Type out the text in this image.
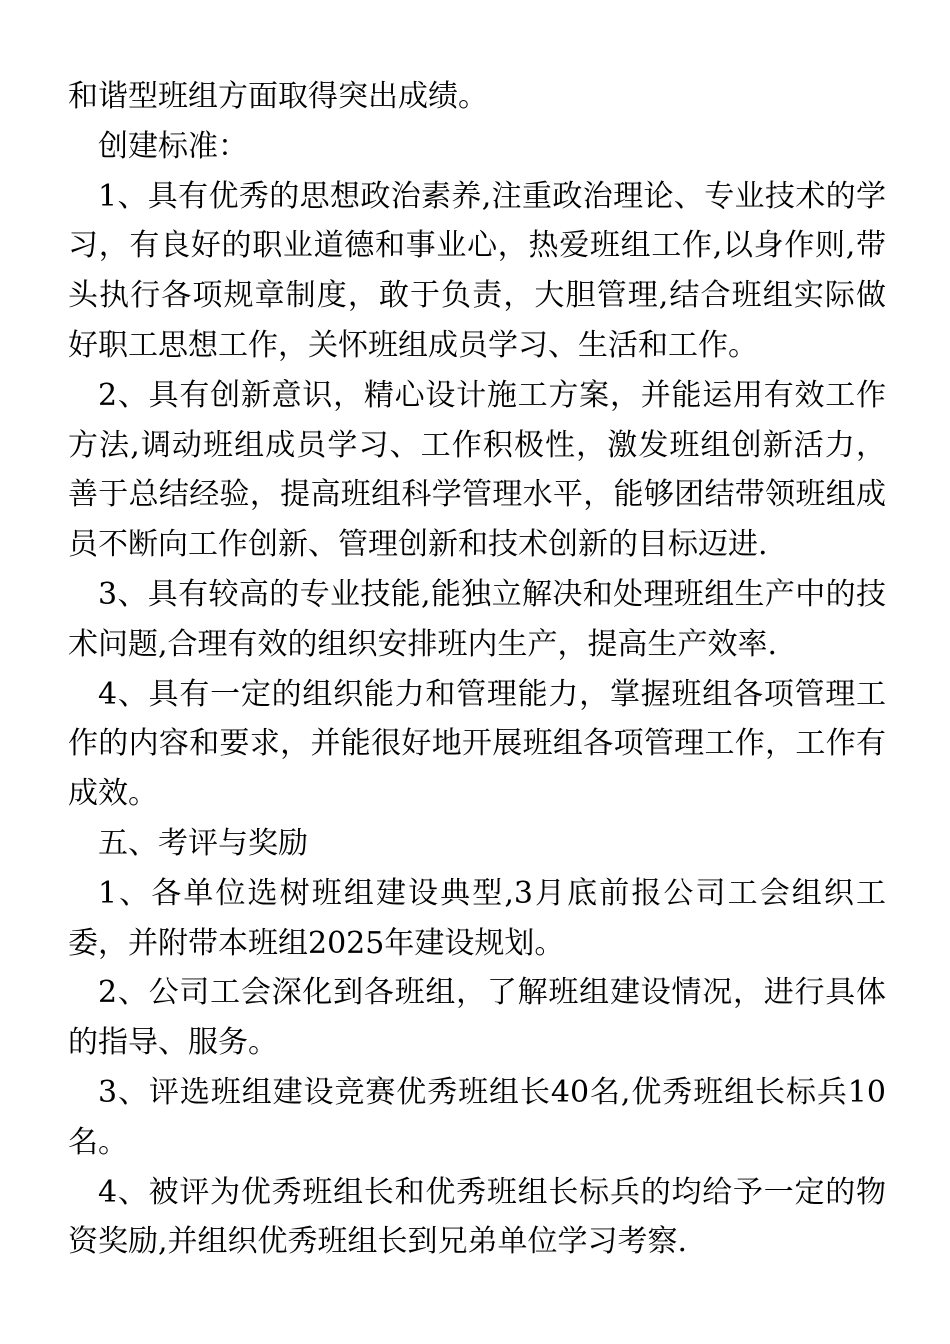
和谐型班组方面取得突出成绩。

创建标准：

1、具有优秀的思想政治素养,注重政治理论、专业技术的学习，有良好的职业道德和事业心，热爱班组工作,以身作则,带头执行各项规章制度，敢于负责，大胆管理,结合班组实际做好职工思想工作，关怀班组成员学习、生活和工作。

2、具有创新意识，精心设计施工方案，并能运用有效工作方法,调动班组成员学习、工作积极性，激发班组创新活力，善于总结经验，提高班组科学管理水平，能够团结带领班组成员不断向工作创新、管理创新和技术创新的目标迈进.

3、具有较高的专业技能,能独立解决和处理班组生产中的技术问题,合理有效的组织安排班内生产，提高生产效率.

4、具有一定的组织能力和管理能力，掌握班组各项管理工作的内容和要求，并能很好地开展班组各项管理工作，工作有成效。

五、考评与奖励

1、各单位选树班组建设典型,3月底前报公司工会组织工委，并附带本班组2025年建设规划。

2、公司工会深化到各班组，了解班组建设情况，进行具体的指导、服务。

3、评选班组建设竞赛优秀班组长40名,优秀班组长标兵10名。

4、被评为优秀班组长和优秀班组长标兵的均给予一定的物资奖励,并组织优秀班组长到兄弟单位学习考察.
